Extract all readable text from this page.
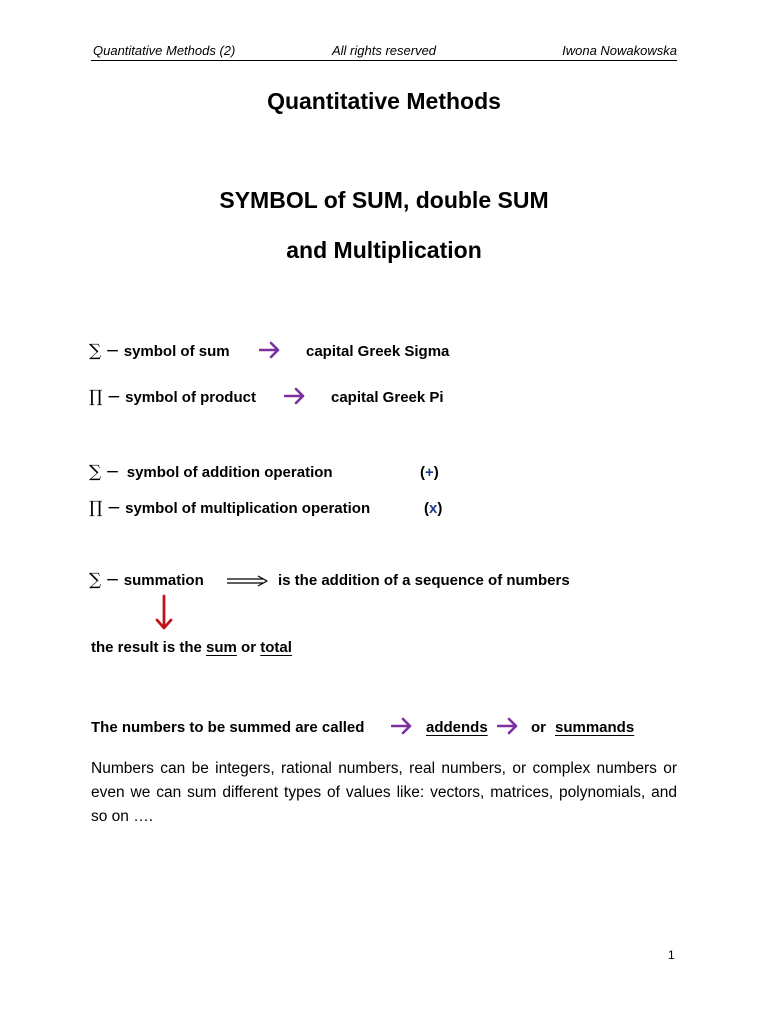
Quantitative Methods (2)	All rights reserved	Iwona Nowakowska
Quantitative Methods
SYMBOL of SUM, double SUM
and Multiplication
∑ − symbol of sum	capital Greek Sigma
∏ − symbol of product	capital Greek Pi
∑ − symbol of addition operation	(+)
∏ − symbol of multiplication operation	(x)
∑ − summation	is the addition of a sequence of numbers
the result is the sum or total
The numbers to be summed are called	addends	or summands
Numbers can be integers, rational numbers, real numbers, or complex numbers or even we can sum different types of values like: vectors, matrices, polynomials, and so on ….
1
